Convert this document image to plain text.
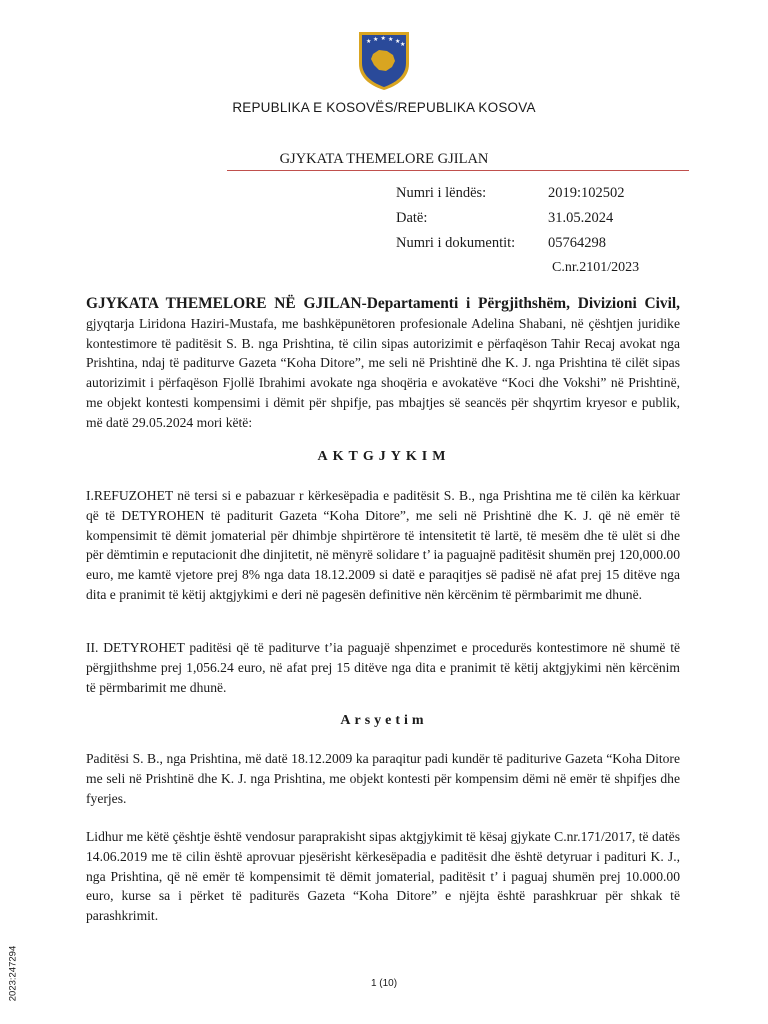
★ ★ ★ ★ ★ ★
REPUBLIKA E KOSOVËS/REPUBLIKA KOSOVA
GJYKATA THEMELORE GJILAN
Numri i lëndës:	2019:102502
Datë:	31.05.2024
Numri i dokumentit: 05764298
C.nr.2101/2023

GJYKATA THEMELORE NË GJILAN-Departamenti i Përgjithshëm, Divizioni Civil, gjyqtarja Liridona Haziri-Mustafa, me bashkëpunëtoren profesionale Adelina Shabani, në çështjen juridike kontestimore të paditësit S. B. nga Prishtina, të cilin sipas autorizimit e përfaqëson Tahir Recaj avokat nga Prishtina, ndaj të paditurve Gazeta “Koha Ditore”, me seli në Prishtinë dhe K. J. nga Prishtina të cilët sipas autorizimit i përfaqëson Fjollë Ibrahimi avokate nga shoqëria e avokatëve “Koci dhe Vokshi” në Prishtinë, me objekt kontesti kompensimi i dëmit për shpifje, pas mbajtjes së seancës për shqyrtim kryesor e publik, më datë 29.05.2024 mori këtë:

AKTGJYKIM

I.REFUZOHET në tersi si e pabazuar r kërkesëpadia e paditësit S. B., nga Prishtina me të cilën ka kërkuar që të DETYROHEN të paditurit Gazeta “Koha Ditore”, me seli në Prishtinë dhe K. J. që në emër të kompensimit të dëmit jomaterial për dhimbje shpirtërore të intensitetit të lartë, të mesëm dhe të ulët si dhe për dëmtimin e reputacionit dhe dinjitetit, në mënyrë solidare t’ ia paguajnë paditësit shumën prej 120,000.00 euro, me kamtë vjetore prej 8% nga data 18.12.2009 si datë e paraqitjes së padisë në afat prej 15 ditëve nga dita e pranimit të këtij aktgjykimi e deri në pagesën definitive nën kërcënim të përmbarimit me dhunë.

II. DETYROHET paditësi që të paditurve t’ia paguajë shpenzimet e procedurës kontestimore në shumë të përgjithshme prej 1,056.24 euro, në afat prej 15 ditëve nga dita e pranimit të këtij aktgjykimi nën kërcënim të përmbarimit me dhunë.

Arsyetim

Paditësi S. B., nga Prishtina, më datë 18.12.2009 ka paraqitur padi kundër të paditurive Gazeta “Koha Ditore me seli në Prishtinë dhe K. J. nga Prishtina, me objekt kontesti për kompensim dëmi në emër të shpifjes dhe fyerjes.

Lidhur me këtë çështje është vendosur paraprakisht sipas aktgjykimit të kësaj gjykate C.nr.171/2017, të datës 14.06.2019 me të cilin është aprovuar pjesërisht kërkesëpadia e paditësit dhe është detyruar i padituri K. J., nga Prishtina, që në emër të kompensimit të dëmit jomaterial, paditësit t’ i paguaj shumën prej 10.000.00 euro, kurse sa i përket të paditurës Gazeta “Koha Ditore” e njëjta është parashkruar për shkak të parashkrimit.

2023:247294	1 (10)
